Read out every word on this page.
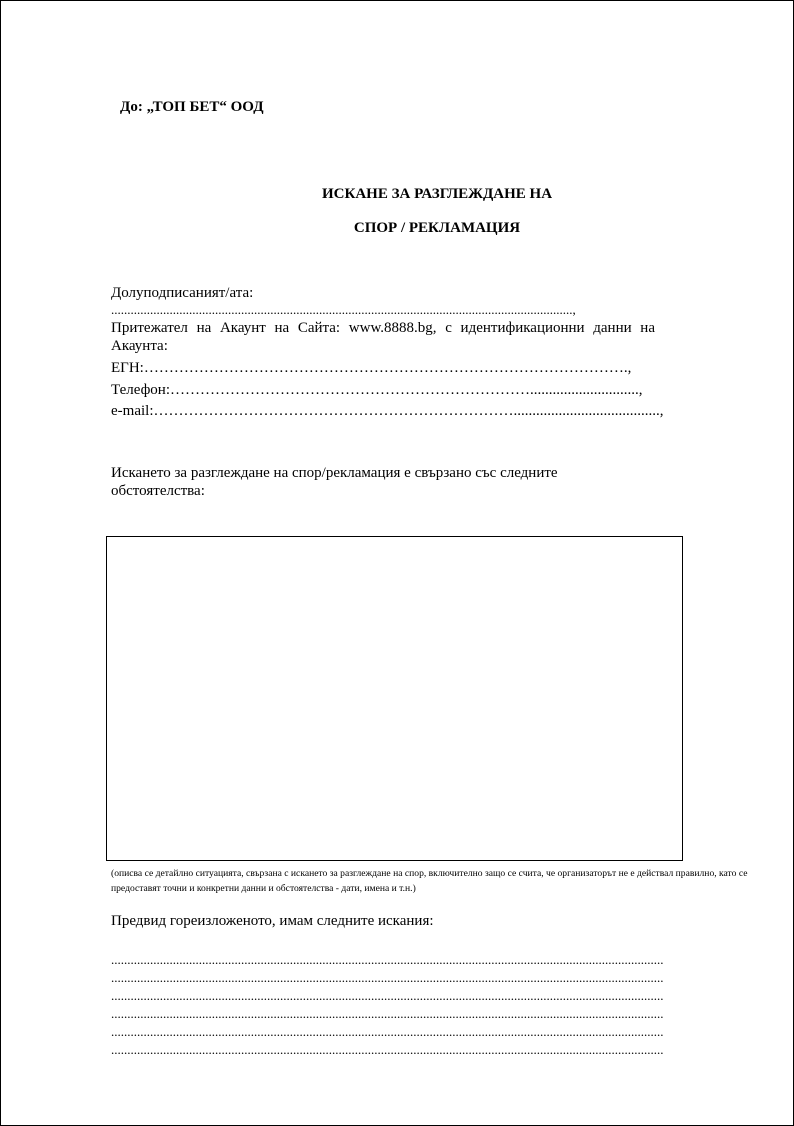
До: „ТОП БЕТ“ ООД
ИСКАНЕ ЗА РАЗГЛЕЖДАНЕ НА
СПОР / РЕКЛАМАЦИЯ
Долуподписаният/ата:
..............................................................................................................................................,
Притежател на Акаунт на Сайта: www.8888.bg, с идентификационни данни на
Акаунта:
ЕГН:…………………………………………………………………………………….,
Телефон:……………………………………………………………….............................,
e-mail:……………………………………………………………….......................................,
Искането за разглеждане на спор/рекламация е свързано със следните обстоятелства:
(описва се детайлно ситуацията, свързана с искането за разглеждане на спор, включително защо се счита, че организаторът не е действал правилно, като се предоставят точни и конкретни данни и обстоятелства - дати, имена и т.н.)
Предвид гореизложеното, имам следните искания:
..........................................................................................................................................................................
..........................................................................................................................................................................
..........................................................................................................................................................................
..........................................................................................................................................................................
..........................................................................................................................................................................
..........................................................................................................................................................................
